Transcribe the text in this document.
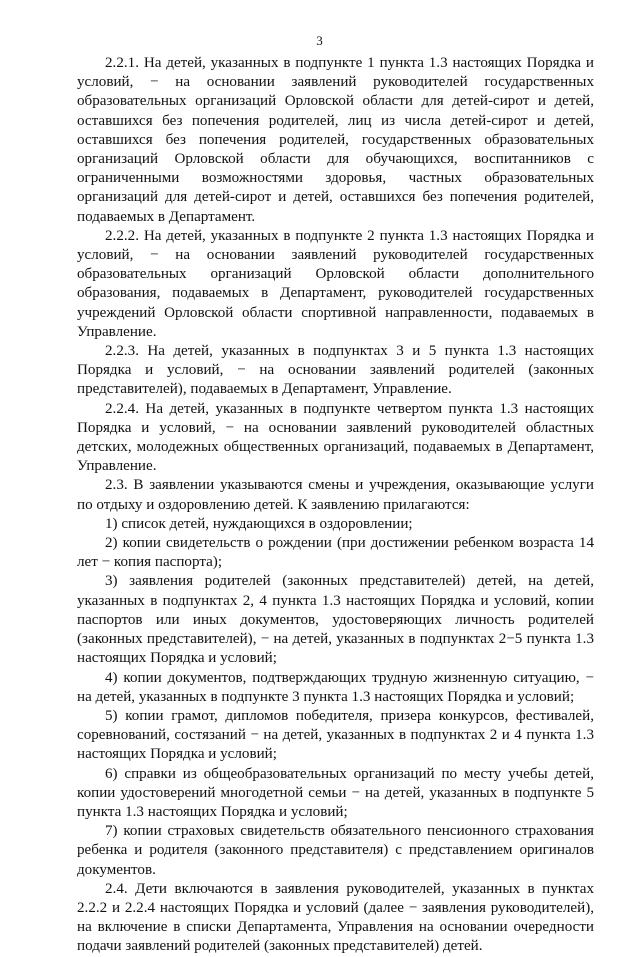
3

2.2.1. На детей, указанных в подпункте 1 пункта 1.3 настоящих Порядка и условий, − на основании заявлений руководителей государственных образовательных организаций Орловской области для детей-сирот и детей, оставшихся без попечения родителей, лиц из числа детей-сирот и детей, оставшихся без попечения родителей, государственных образовательных организаций Орловской области для обучающихся, воспитанников с ограниченными возможностями здоровья, частных образовательных организаций для детей-сирот и детей, оставшихся без попечения родителей, подаваемых в Департамент.

2.2.2. На детей, указанных в подпункте 2 пункта 1.3 настоящих Порядка и условий, − на основании заявлений руководителей государственных образовательных организаций Орловской области дополнительного образования, подаваемых в Департамент, руководителей государственных учреждений Орловской области спортивной направленности, подаваемых в Управление.

2.2.3. На детей, указанных в подпунктах 3 и 5 пункта 1.3 настоящих Порядка и условий, − на основании заявлений родителей (законных представителей), подаваемых в Департамент, Управление.

2.2.4. На детей, указанных в подпункте четвертом пункта 1.3 настоящих Порядка и условий, − на основании заявлений руководителей областных детских, молодежных общественных организаций, подаваемых в Департамент, Управление.

2.3. В заявлении указываются смены и учреждения, оказывающие услуги по отдыху и оздоровлению детей. К заявлению прилагаются:

1) список детей, нуждающихся в оздоровлении;

2) копии свидетельств о рождении (при достижении ребенком возраста 14 лет − копия паспорта);

3) заявления родителей (законных представителей) детей, на детей, указанных в подпунктах 2, 4 пункта 1.3 настоящих Порядка и условий, копии паспортов или иных документов, удостоверяющих личность родителей (законных представителей), − на детей, указанных в подпунктах 2−5 пункта 1.3 настоящих Порядка и условий;

4) копии документов, подтверждающих трудную жизненную ситуацию, − на детей, указанных в подпункте 3 пункта 1.3 настоящих Порядка и условий;

5) копии грамот, дипломов победителя, призера конкурсов, фестивалей, соревнований, состязаний − на детей, указанных в подпунктах 2 и 4 пункта 1.3 настоящих Порядка и условий;

6) справки из общеобразовательных организаций по месту учебы детей, копии удостоверений многодетной семьи − на детей, указанных в подпункте 5 пункта 1.3 настоящих Порядка и условий;

7) копии страховых свидетельств обязательного пенсионного страхования ребенка и родителя (законного представителя) с представлением оригиналов документов.

2.4. Дети включаются в заявления руководителей, указанных в пунктах 2.2.2 и 2.2.4 настоящих Порядка и условий (далее − заявления руководителей), на включение в списки Департамента, Управления на основании очередности подачи заявлений родителей (законных представителей) детей.
